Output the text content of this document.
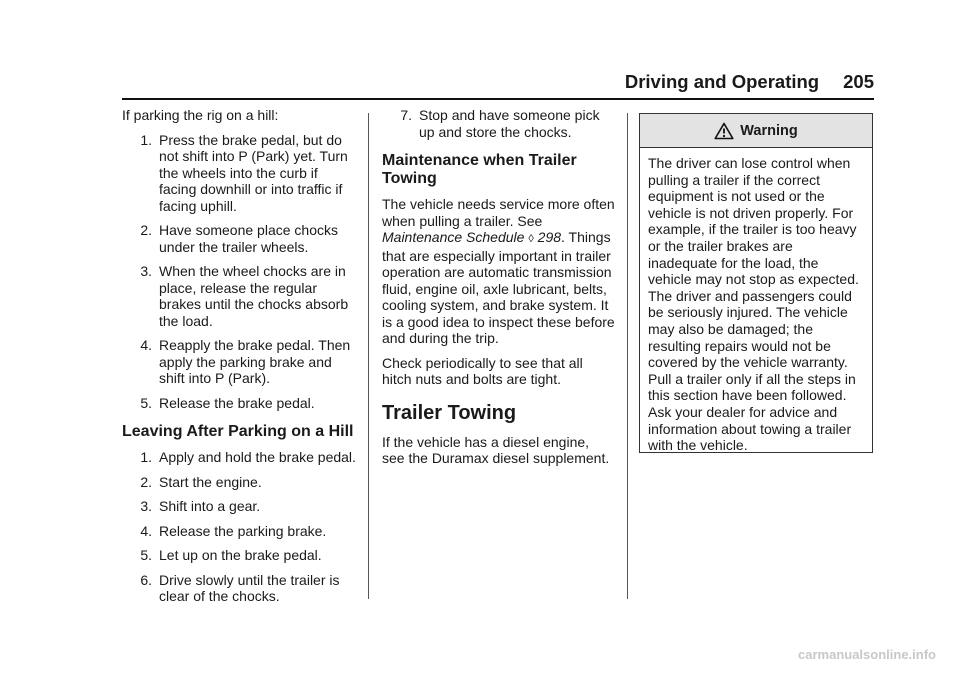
Driving and Operating 205

If parking the rig on a hill:

1. Press the brake pedal, but do not shift into P (Park) yet. Turn the wheels into the curb if facing downhill or into traffic if facing uphill.
2. Have someone place chocks under the trailer wheels.
3. When the wheel chocks are in place, release the regular brakes until the chocks absorb the load.
4. Reapply the brake pedal. Then apply the parking brake and shift into P (Park).
5. Release the brake pedal.
Leaving After Parking on a Hill
1. Apply and hold the brake pedal.
2. Start the engine.
3. Shift into a gear.
4. Release the parking brake.
5. Let up on the brake pedal.
6. Drive slowly until the trailer is clear of the chocks.
7. Stop and have someone pick up and store the chocks.
Maintenance when Trailer Towing

The vehicle needs service more often when pulling a trailer. See Maintenance Schedule ◊ 298. Things that are especially important in trailer operation are automatic transmission fluid, engine oil, axle lubricant, belts, cooling system, and brake system. It is a good idea to inspect these before and during the trip.

Check periodically to see that all hitch nuts and bolts are tight.

Trailer Towing

If the vehicle has a diesel engine, see the Duramax diesel supplement.

Warning
The driver can lose control when pulling a trailer if the correct equipment is not used or the vehicle is not driven properly. For example, if the trailer is too heavy or the trailer brakes are inadequate for the load, the vehicle may not stop as expected. The driver and passengers could be seriously injured. The vehicle may also be damaged; the resulting repairs would not be covered by the vehicle warranty. Pull a trailer only if all the steps in this section have been followed. Ask your dealer for advice and information about towing a trailer with the vehicle.
carmanualsonline.info
